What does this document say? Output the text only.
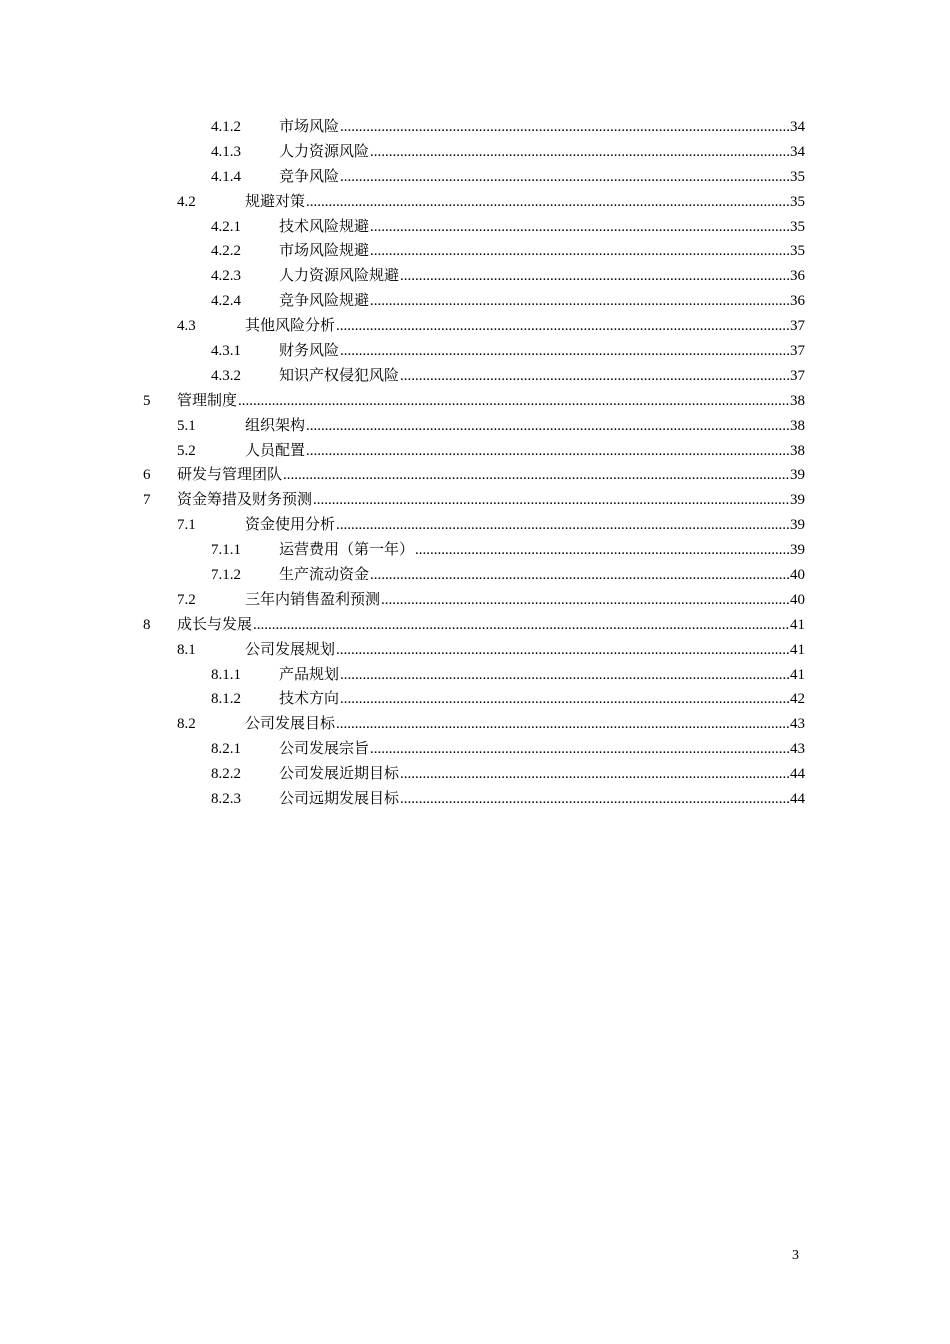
4.1.2	市场风险 .....	34
4.1.3	人力资源风险 .....	34
4.1.4	竞争风险 .....	35
4.2	规避对策 .....	35
4.2.1	技术风险规避 .....	35
4.2.2	市场风险规避 .....	35
4.2.3	人力资源风险规避 .....	36
4.2.4	竞争风险规避 .....	36
4.3	其他风险分析 .....	37
4.3.1	财务风险 .....	37
4.3.2	知识产权侵犯风险 .....	37
5 管理制度 .....	38
5.1	组织架构 .....	38
5.2	人员配置 .....	38
6 研发与管理团队 .....	39
7 资金筹措及财务预测 .....	39
7.1	资金使用分析 .....	39
7.1.1	运营费用（第一年） .....	39
7.1.2	生产流动资金 .....	40
7.2	三年内销售盈利预测 .....	40
8 成长与发展 .....	41
8.1	公司发展规划 .....	41
8.1.1	产品规划 .....	41
8.1.2	技术方向 .....	42
8.2	公司发展目标 .....	43
8.2.1	公司发展宗旨 .....	43
8.2.2	公司发展近期目标 .....	44
8.2.3	公司远期发展目标 .....	44
3
